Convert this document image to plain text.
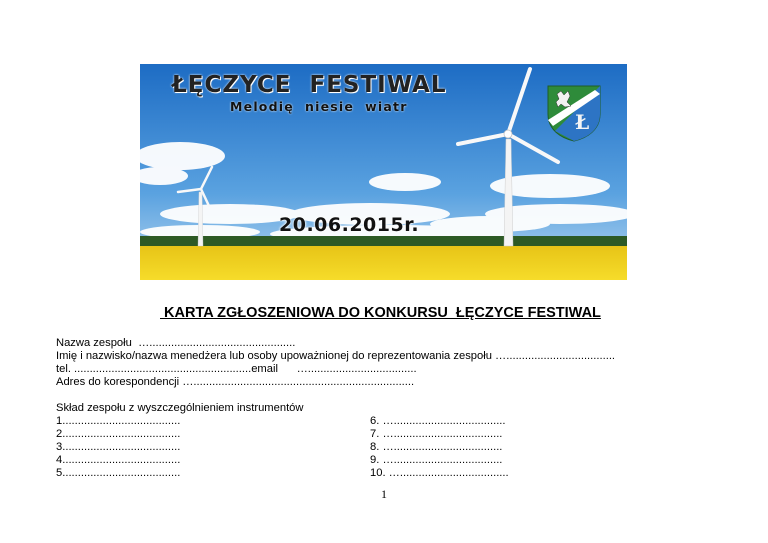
ŁĘCZYCE  FESTIWAL
Melodię  niesie  wiatr
20.06.2015r.
Ł
KARTA ZGŁOSZENIOWA DO KONKURSU  ŁĘCZYCE FESTIWAL
Nazwa zespołu  …...............................................
Imię i nazwisko/nazwa menedżera lub osoby upoważnionej do reprezentowania zespołu …...................................
tel. .........................................................email      …...................................
Adres do korespondencji ….......................................................................
Skład zespołu z wyszczególnieniem instrumentów
1......................................
2......................................
3......................................
4......................................
5......................................
6. …....................................
7. …...................................
8. …...................................
9. …...................................
10. …...................................
1
